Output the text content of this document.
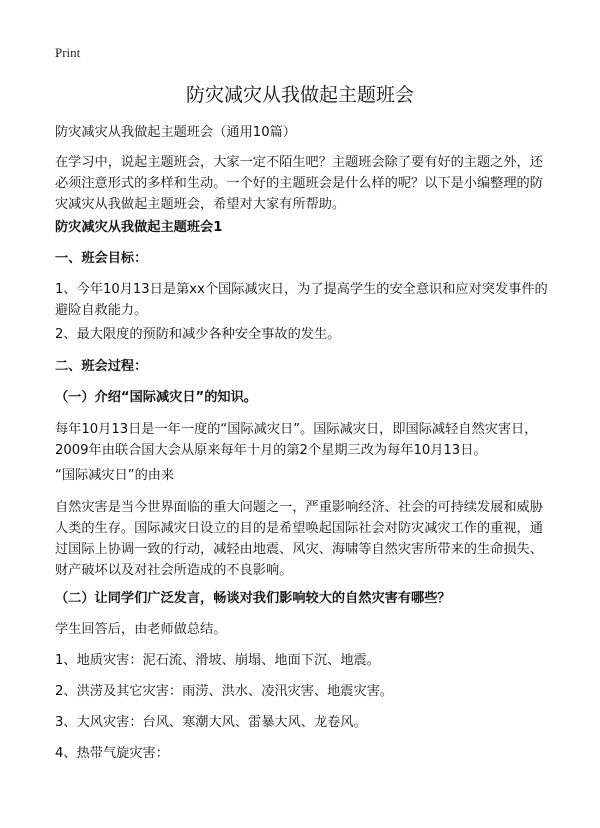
Print
防灾减灾从我做起主题班会

防灾减灾从我做起主题班会（通用10篇）

在学习中，说起主题班会，大家一定不陌生吧？主题班会除了要有好的主题之外，还必须注意形式的多样和生动。一个好的主题班会是什么样的呢？以下是小编整理的防灾减灾从我做起主题班会，希望对大家有所帮助。

防灾减灾从我做起主题班会1

一、班会目标：

1、今年10月13日是第xx个国际减灾日，为了提高学生的安全意识和应对突发事件的避险自救能力。

2、最大限度的预防和减少各种安全事故的发生。

二、班会过程：

（一）介绍“国际减灾日”的知识。

每年10月13日是一年一度的“国际减灾日”。国际减灾日，即国际减轻自然灾害日，2009年由联合国大会从原来每年十月的第2个星期三改为每年10月13日。

“国际减灾日”的由来

自然灾害是当今世界面临的重大问题之一，严重影响经济、社会的可持续发展和威胁人类的生存。国际减灾日设立的目的是希望唤起国际社会对防灾减灾工作的重视，通过国际上协调一致的行动，减轻由地震、风灾、海啸等自然灾害所带来的生命损失、财产破坏以及对社会所造成的不良影响。

（二）让同学们广泛发言，畅谈对我们影响较大的自然灾害有哪些？

学生回答后，由老师做总结。

1、地质灾害：泥石流、滑坡、崩塌、地面下沉、地震。

2、洪涝及其它灾害：雨涝、洪水、凌汛灾害、地震灾害。

3、大风灾害：台风、寒潮大风、雷暴大风、龙卷风。

4、热带气旋灾害：
